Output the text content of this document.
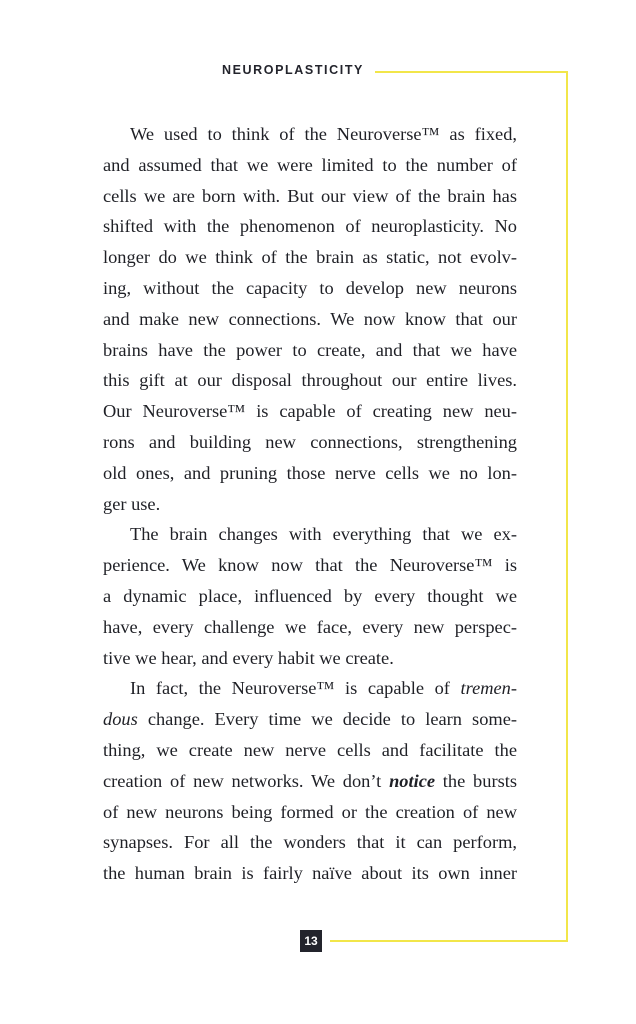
NEUROPLASTICITY

We used to think of the Neuroverse™ as fixed,
and assumed that we were limited to the number of
cells we are born with. But our view of the brain has
shifted with the phenomenon of neuroplasticity. No
longer do we think of the brain as static, not evolv-
ing, without the capacity to develop new neurons
and make new connections. We now know that our
brains have the power to create, and that we have
this gift at our disposal throughout our entire lives.
Our Neuroverse™ is capable of creating new neu-
rons and building new connections, strengthening
old ones, and pruning those nerve cells we no lon-
ger use.

The brain changes with everything that we ex-
perience. We know now that the Neuroverse™ is
a dynamic place, influenced by every thought we
have, every challenge we face, every new perspec-
tive we hear, and every habit we create.

In fact, the Neuroverse™ is capable of tremen-
dous change. Every time we decide to learn some-
thing, we create new nerve cells and facilitate the
creation of new networks. We don’t notice the bursts
of new neurons being formed or the creation of new
synapses. For all the wonders that it can perform,
the human brain is fairly naïve about its own inner

13
